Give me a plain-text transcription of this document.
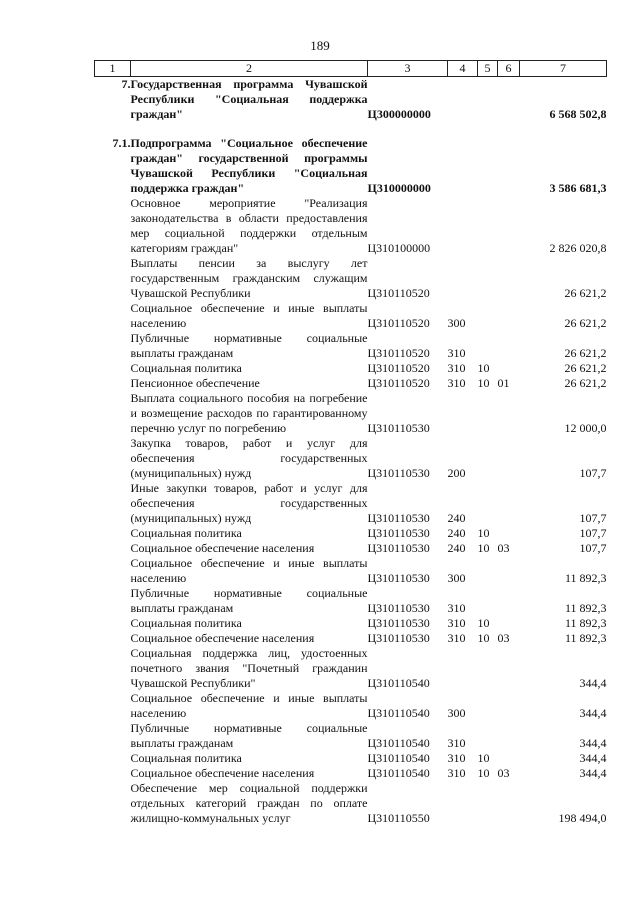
189
1	2	3	4	5	6	7
7.	Государственная программа Чувашской Республики "Социальная поддержка граждан"	Ц300000000				6 568 502,8

7.1.	Подпрограмма "Социальное обеспечение граждан" государственной программы Чувашской Республики "Социальная поддержка граждан"	Ц310000000				3 586 681,3
	Основное мероприятие "Реализация законодательства в области предоставления мер социальной поддержки отдельным категориям граждан"	Ц310100000				2 826 020,8
	Выплаты пенсии за выслугу лет государственным гражданским служащим Чувашской Республики	Ц310110520				26 621,2
	Социальное обеспечение и иные выплаты населению	Ц310110520	300			26 621,2
	Публичные нормативные социальные выплаты гражданам	Ц310110520	310			26 621,2
	Социальная политика	Ц310110520	310	10		26 621,2
	Пенсионное обеспечение	Ц310110520	310	10	01	26 621,2
	Выплата социального пособия на погребение и возмещение расходов по гарантированному перечню услуг по погребению	Ц310110530				12 000,0
	Закупка товаров, работ и услуг для обеспечения государственных (муниципальных) нужд	Ц310110530	200			107,7
	Иные закупки товаров, работ и услуг для обеспечения государственных (муниципальных) нужд	Ц310110530	240			107,7
	Социальная политика	Ц310110530	240	10		107,7
	Социальное обеспечение населения	Ц310110530	240	10	03	107,7
	Социальное обеспечение и иные выплаты населению	Ц310110530	300			11 892,3
	Публичные нормативные социальные выплаты гражданам	Ц310110530	310			11 892,3
	Социальная политика	Ц310110530	310	10		11 892,3
	Социальное обеспечение населения	Ц310110530	310	10	03	11 892,3
	Социальная поддержка лиц, удостоенных почетного звания "Почетный гражданин Чувашской Республики"	Ц310110540				344,4
	Социальное обеспечение и иные выплаты населению	Ц310110540	300			344,4
	Публичные нормативные социальные выплаты гражданам	Ц310110540	310			344,4
	Социальная политика	Ц310110540	310	10		344,4
	Социальное обеспечение населения	Ц310110540	310	10	03	344,4
	Обеспечение мер социальной поддержки отдельных категорий граждан по оплате жилищно-коммунальных услуг	Ц310110550				198 494,0
